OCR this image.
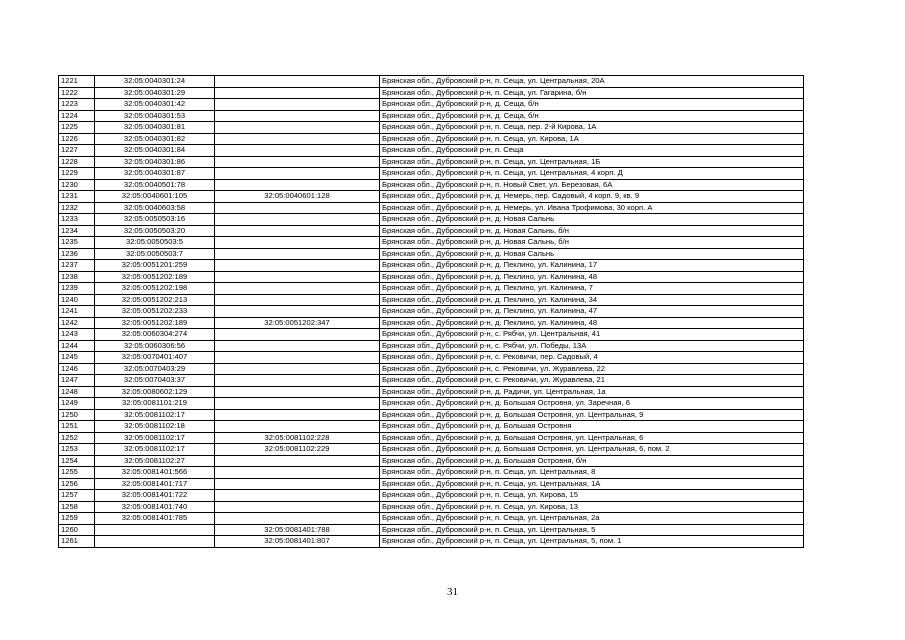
1221	32:05:0040301:24		Брянская обл., Дубровский р-н, п. Сеща, ул. Центральная, 20А
1222	32:05:0040301:29		Брянская обл., Дубровский р-н, п. Сеща, ул. Гагарина, б/н
1223	32:05:0040301:42		Брянская обл., Дубровский р-н, д. Сеща, б/н
1224	32:05:0040301:53		Брянская обл., Дубровский р-н, д. Сеща, б/н
1225	32:05:0040301:81		Брянская обл., Дубровский р-н, п. Сеща, пер. 2-й Кирова, 1А
1226	32:05:0040301:82		Брянская обл., Дубровский р-н, п. Сеща, ул. Кирова, 1А
1227	32:05:0040301:84		Брянская обл., Дубровский р-н, п. Сеща
1228	32:05:0040301:86		Брянская обл., Дубровский р-н, п. Сеща, ул. Центральная, 1Б
1229	32:05:0040301:87		Брянская обл., Дубровский р-н, п. Сеща, ул. Центральная, 4 корп. Д
1230	32:05:0040501:78		Брянская обл., Дубровский р-н, п. Новый Свет, ул. Березовая, 6А
1231	32:05:0040601:105	32:05:0040601:128	Брянская обл., Дубровский р-н, д. Немерь, пер. Садовый, 4 корп. 9, кв. 9
1232	32:05:0040603:58		Брянская обл., Дубровский р-н, д. Немерь, ул. Ивана Трофимова, 30 корп. А
1233	32:05:0050503:16		Брянская обл., Дубровский р-н, д. Новая Сальнь
1234	32:05:0050503:20		Брянская обл., Дубровский р-н, д. Новая Сальнь, б/н
1235	32:05:0050503:5		Брянская обл., Дубровский р-н, д. Новая Сальнь, б/н
1236	32:05:0050503:7		Брянская обл., Дубровский р-н, д. Новая Сальнь
1237	32:05:0051201:259		Брянская обл., Дубровский р-н, д. Пеклино, ул. Калинина, 17
1238	32:05:0051202:189		Брянская обл., Дубровский р-н, д. Пеклино, ул. Калинина, 48
1239	32:05:0051202:198		Брянская обл., Дубровский р-н, д. Пеклино, ул. Калинина, 7
1240	32:05:0051202:213		Брянская обл., Дубровский р-н, д. Пеклино, ул. Калинина, 34
1241	32:05:0051202:233		Брянская обл., Дубровский р-н, д. Пеклино, ул. Калинина, 47
1242	32:05:0051202:189	32:05:0051202:347	Брянская обл., Дубровский р-н, д. Пеклино, ул. Калинина, 48
1243	32:05:0060304:274		Брянская обл., Дубровский р-н, с. Рябчи, ул. Центральная, 41
1244	32:05:0060306:56		Брянская обл., Дубровский р-н, с. Рябчи, ул. Победы, 13А
1245	32:05:0070401:407		Брянская обл., Дубровский р-н, с. Рековичи, пер. Садовый, 4
1246	32:05:0070403:29		Брянская обл., Дубровский р-н, с. Рековичи, ул. Журавлева, 22
1247	32:05:0070403:37		Брянская обл., Дубровский р-н, с. Рековичи, ул. Журавлева, 21
1248	32:05:0080602:129		Брянская обл., Дубровский р-н, д. Радичи, ул. Центральная, 1а
1249	32:05:0081101:219		Брянская обл., Дубровский р-н, д. Большая Островня, ул. Заречная, 6
1250	32:05:0081102:17		Брянская обл., Дубровский р-н, д. Большая Островня, ул. Центральная, 9
1251	32:05:0081102:18		Брянская обл., Дубровский р-н, д. Большая Островня
1252	32:05:0081102:17	32:05:0081102:228	Брянская обл., Дубровский р-н, д. Большая Островня, ул. Центральная, 6
1253	32:05:0081102:17	32:05:0081102:229	Брянская обл., Дубровский р-н, д. Большая Островня, ул. Центральная, 6, пом. 2
1254	32:05:0081102:27		Брянская обл., Дубровский р-н, д. Большая Островня, б/н
1255	32:05:0081401:566		Брянская обл., Дубровский р-н, п. Сеща, ул. Центральная, 8
1256	32:05:0081401:717		Брянская обл., Дубровский р-н, п. Сеща, ул. Центральная, 1А
1257	32:05:0081401:722		Брянская обл., Дубровский р-н, п. Сеща, ул. Кирова, 15
1258	32:05:0081401:740		Брянская обл., Дубровский р-н, п. Сеща, ул. Кирова, 13
1259	32:05:0081401:785		Брянская обл., Дубровский р-н, п. Сеща, ул. Центральная, 2а
1260		32:05:0081401:788	Брянская обл., Дубровский р-н, п. Сеща, ул. Центральная, 5
1261		32:05:0081401:807	Брянская обл., Дубровский р-н, п. Сеща, ул. Центральная, 5, пом. 1
31
